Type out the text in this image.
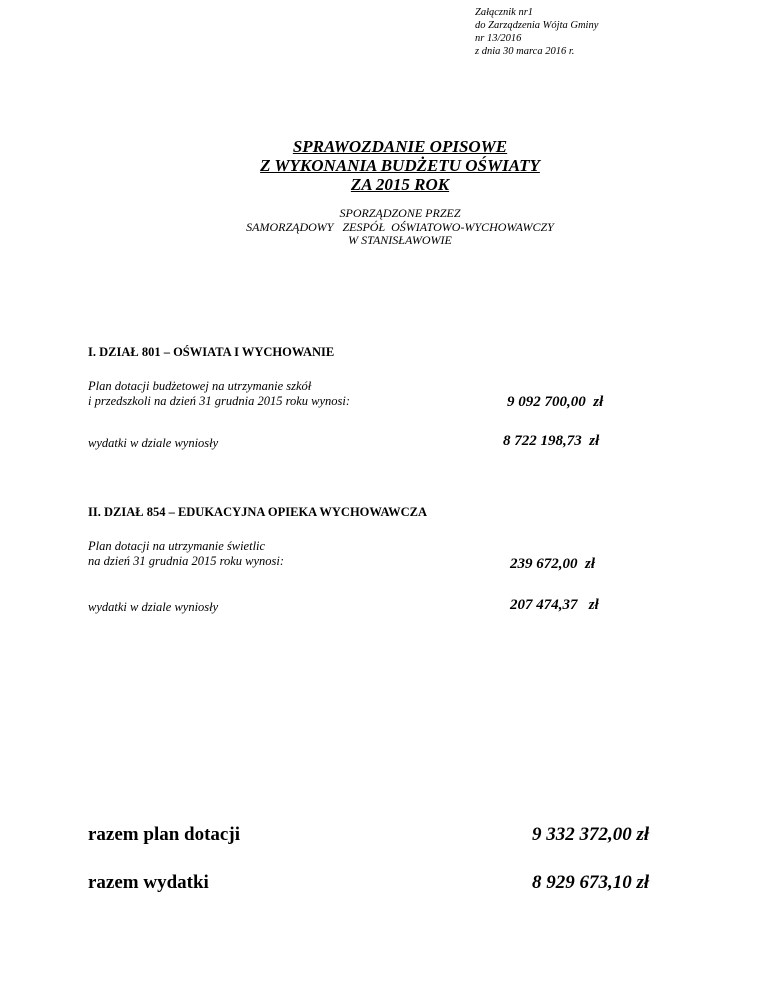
Załącznik nr1
do Zarządzenia Wójta Gminy
nr 13/2016
z dnia 30 marca 2016 r.
SPRAWOZDANIE OPISOWE
Z WYKONANIA BUDŻETU OŚWIATY
ZA 2015 ROK
SPORZĄDZONE PRZEZ
SAMORZĄDOWY   ZESPÓŁ  OŚWIATOWO-WYCHOWAWCZY
W STANISŁAWOWIE
I. DZIAŁ 801 – OŚWIATA I WYCHOWANIE
Plan dotacji budżetowej na utrzymanie szkół
i przedszkoli na dzień 31 grudnia 2015 roku wynosi:	9 092 700,00  zł
wydatki w dziale wyniosły	8 722 198,73  zł
II. DZIAŁ 854 – EDUKACYJNA OPIEKA WYCHOWAWCZA
Plan dotacji na utrzymanie świetlic
na dzień 31 grudnia 2015 roku wynosi:	239 672,00  zł
wydatki w dziale wyniosły	207 474,37   zł
razem plan dotacji	9 332 372,00 zł
razem wydatki	8 929 673,10 zł
